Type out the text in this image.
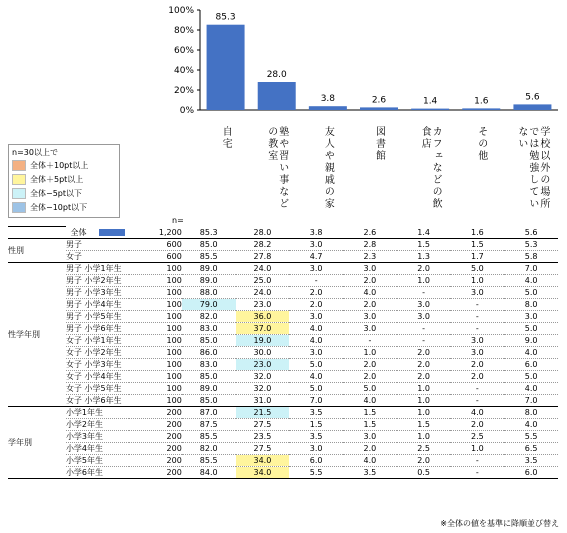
0%
20%
40%
60%
80%
100%
85.3
自宅
28.0
塾や習い事など
の教室
3.8
友人や親戚の家
2.6
図書館
1.4
カフェなどの飲
食店
1.6
その他
5.6
学校以外の場所
では勉強してい
ない
n=30以上で
全体＋10pt以上
全体＋5pt以上
全体−5pt以下
全体−10pt以下
n=
	全体	1,200	85.3	28.0	3.8	2.6	1.4	1.6	5.6
性別	男子	600	85.0	28.2	3.0	2.8	1.5	1.5	5.3
	女子	600	85.5	27.8	4.7	2.3	1.3	1.7	5.8
性学年別	男子 小学1年生	100	89.0	24.0	3.0	3.0	2.0	5.0	7.0
	男子 小学2年生	100	89.0	25.0	-	2.0	1.0	1.0	4.0
	男子 小学3年生	100	88.0	24.0	2.0	4.0	-	3.0	5.0
	男子 小学4年生	100	79.0	23.0	2.0	2.0	3.0	-	8.0
	男子 小学5年生	100	82.0	36.0	3.0	3.0	3.0	-	3.0
	男子 小学6年生	100	83.0	37.0	4.0	3.0	-	-	5.0
	女子 小学1年生	100	85.0	19.0	4.0	-	-	3.0	9.0
	女子 小学2年生	100	86.0	30.0	3.0	1.0	2.0	3.0	4.0
	女子 小学3年生	100	83.0	23.0	5.0	2.0	2.0	2.0	6.0
	女子 小学4年生	100	85.0	32.0	4.0	2.0	2.0	2.0	5.0
	女子 小学5年生	100	89.0	32.0	5.0	5.0	1.0	-	4.0
	女子 小学6年生	100	85.0	31.0	7.0	4.0	1.0	-	7.0
学年別	小学1年生	200	87.0	21.5	3.5	1.5	1.0	4.0	8.0
	小学2年生	200	87.5	27.5	1.5	1.5	1.5	2.0	4.0
	小学3年生	200	85.5	23.5	3.5	3.0	1.0	2.5	5.5
	小学4年生	200	82.0	27.5	3.0	2.0	2.5	1.0	6.5
	小学5年生	200	85.5	34.0	6.0	4.0	2.0	-	3.5
	小学6年生	200	84.0	34.0	5.5	3.5	0.5	-	6.0
※全体の値を基準に降順並び替え
